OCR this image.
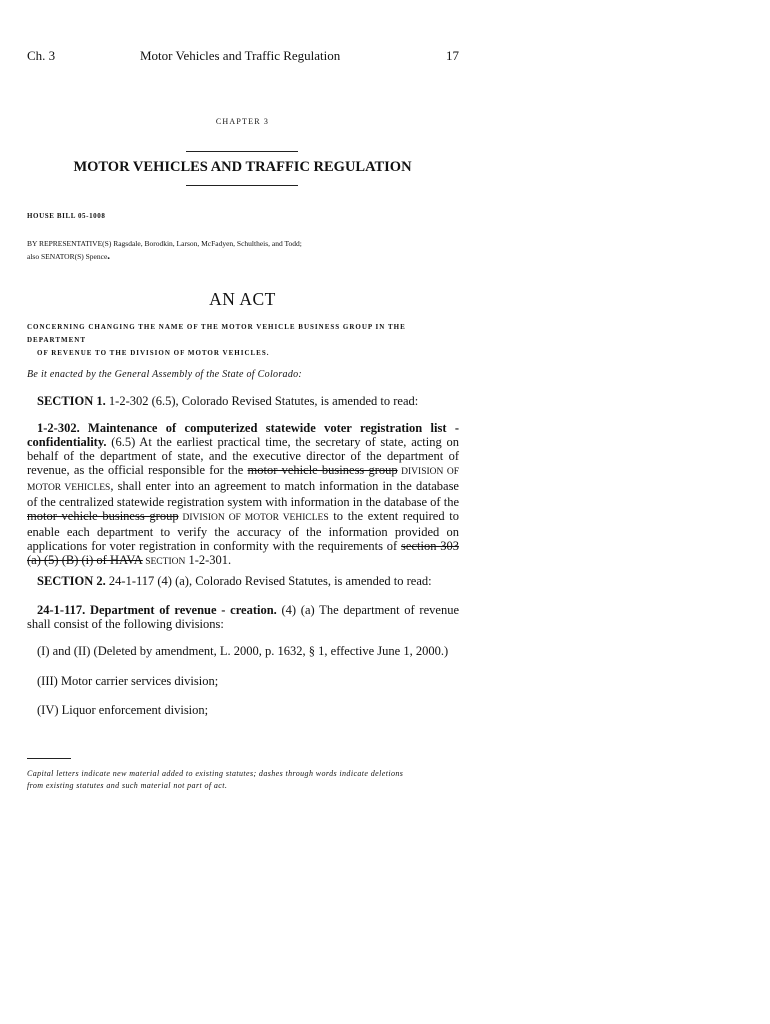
Ch. 3	Motor Vehicles and Traffic Regulation	17
CHAPTER 3
MOTOR VEHICLES AND TRAFFIC REGULATION
HOUSE BILL 05-1008
BY REPRESENTATIVE(S) Ragsdale, Borodkin, Larson, McFadyen, Schultheis, and Todd;
also SENATOR(S) Spence.
AN ACT
CONCERNING CHANGING THE NAME OF THE MOTOR VEHICLE BUSINESS GROUP IN THE DEPARTMENT
OF REVENUE TO THE DIVISION OF MOTOR VEHICLES.
Be it enacted by the General Assembly of the State of Colorado:
SECTION 1. 1-2-302 (6.5), Colorado Revised Statutes, is amended to read:
1-2-302. Maintenance of computerized statewide voter registration list - confidentiality. (6.5) At the earliest practical time, the secretary of state, acting on behalf of the department of state, and the executive director of the department of revenue, as the official responsible for the motor vehicle business group DIVISION OF MOTOR VEHICLES, shall enter into an agreement to match information in the database of the centralized statewide registration system with information in the database of the motor vehicle business group DIVISION OF MOTOR VEHICLES to the extent required to enable each department to verify the accuracy of the information provided on applications for voter registration in conformity with the requirements of section 303 (a) (5) (B) (i) of HAVA SECTION 1-2-301.
SECTION 2. 24-1-117 (4) (a), Colorado Revised Statutes, is amended to read:
24-1-117. Department of revenue - creation. (4) (a) The department of revenue shall consist of the following divisions:
(I) and (II) (Deleted by amendment, L. 2000, p. 1632, § 1, effective June 1, 2000.)
(III) Motor carrier services division;
(IV) Liquor enforcement division;
Capital letters indicate new material added to existing statutes; dashes through words indicate deletions
from existing statutes and such material not part of act.
